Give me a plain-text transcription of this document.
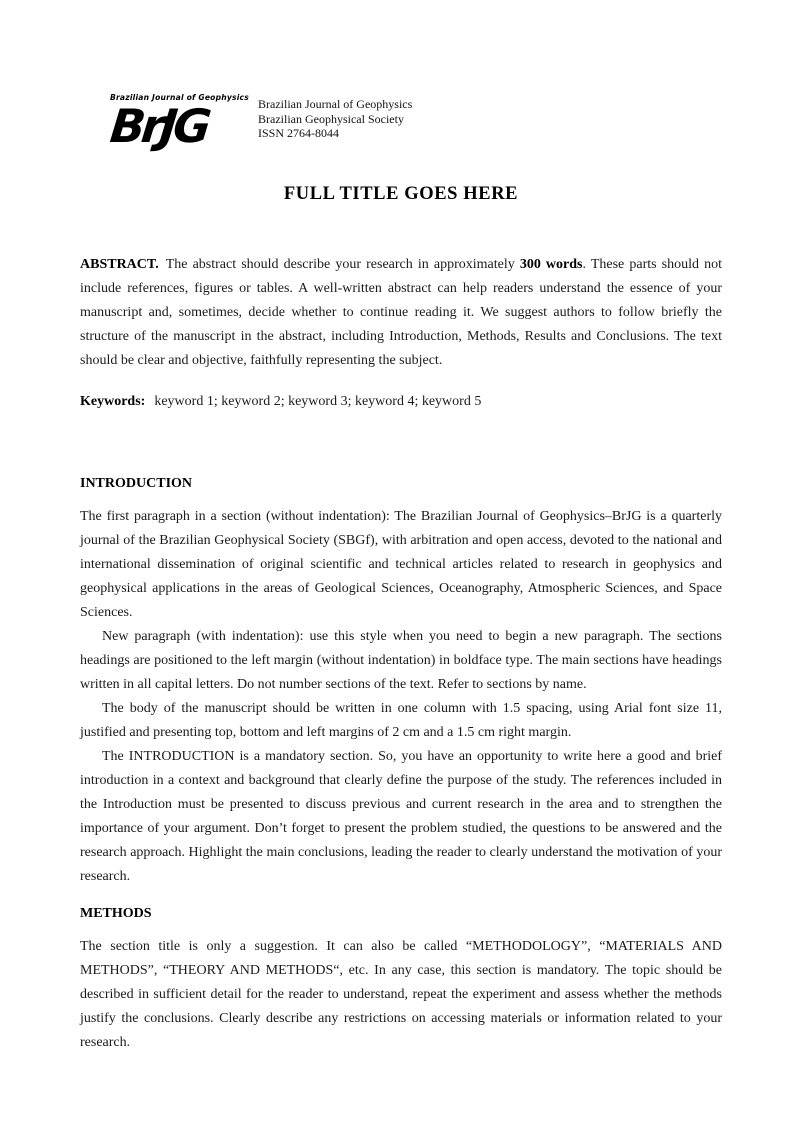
Brazilian Journal of Geophysics
BrJG	Brazilian Journal of Geophysics
Brazilian Geophysical Society
ISSN 2764-8044
FULL TITLE GOES HERE

ABSTRACT. The abstract should describe your research in approximately 300 words. These parts should not include references, figures or tables. A well-written abstract can help readers understand the essence of your manuscript and, sometimes, decide whether to continue reading it. We suggest authors to follow briefly the structure of the manuscript in the abstract, including Introduction, Methods, Results and Conclusions. The text should be clear and objective, faithfully representing the subject.

Keywords: keyword 1; keyword 2; keyword 3; keyword 4; keyword 5

INTRODUCTION

The first paragraph in a section (without indentation): The Brazilian Journal of Geophysics–BrJG is a quarterly journal of the Brazilian Geophysical Society (SBGf), with arbitration and open access, devoted to the national and international dissemination of original scientific and technical articles related to research in geophysics and geophysical applications in the areas of Geological Sciences, Oceanography, Atmospheric Sciences, and Space Sciences.

New paragraph (with indentation): use this style when you need to begin a new paragraph. The sections headings are positioned to the left margin (without indentation) in boldface type. The main sections have headings written in all capital letters. Do not number sections of the text. Refer to sections by name.

The body of the manuscript should be written in one column with 1.5 spacing, using Arial font size 11, justified and presenting top, bottom and left margins of 2 cm and a 1.5 cm right margin.

The INTRODUCTION is a mandatory section. So, you have an opportunity to write here a good and brief introduction in a context and background that clearly define the purpose of the study. The references included in the Introduction must be presented to discuss previous and current research in the area and to strengthen the importance of your argument. Don’t forget to present the problem studied, the questions to be answered and the research approach. Highlight the main conclusions, leading the reader to clearly understand the motivation of your research.

METHODS

The section title is only a suggestion. It can also be called “METHODOLOGY”, “MATERIALS AND METHODS”, “THEORY AND METHODS“, etc. In any case, this section is mandatory. The topic should be described in sufficient detail for the reader to understand, repeat the experiment and assess whether the methods justify the conclusions. Clearly describe any restrictions on accessing materials or information related to your research.
